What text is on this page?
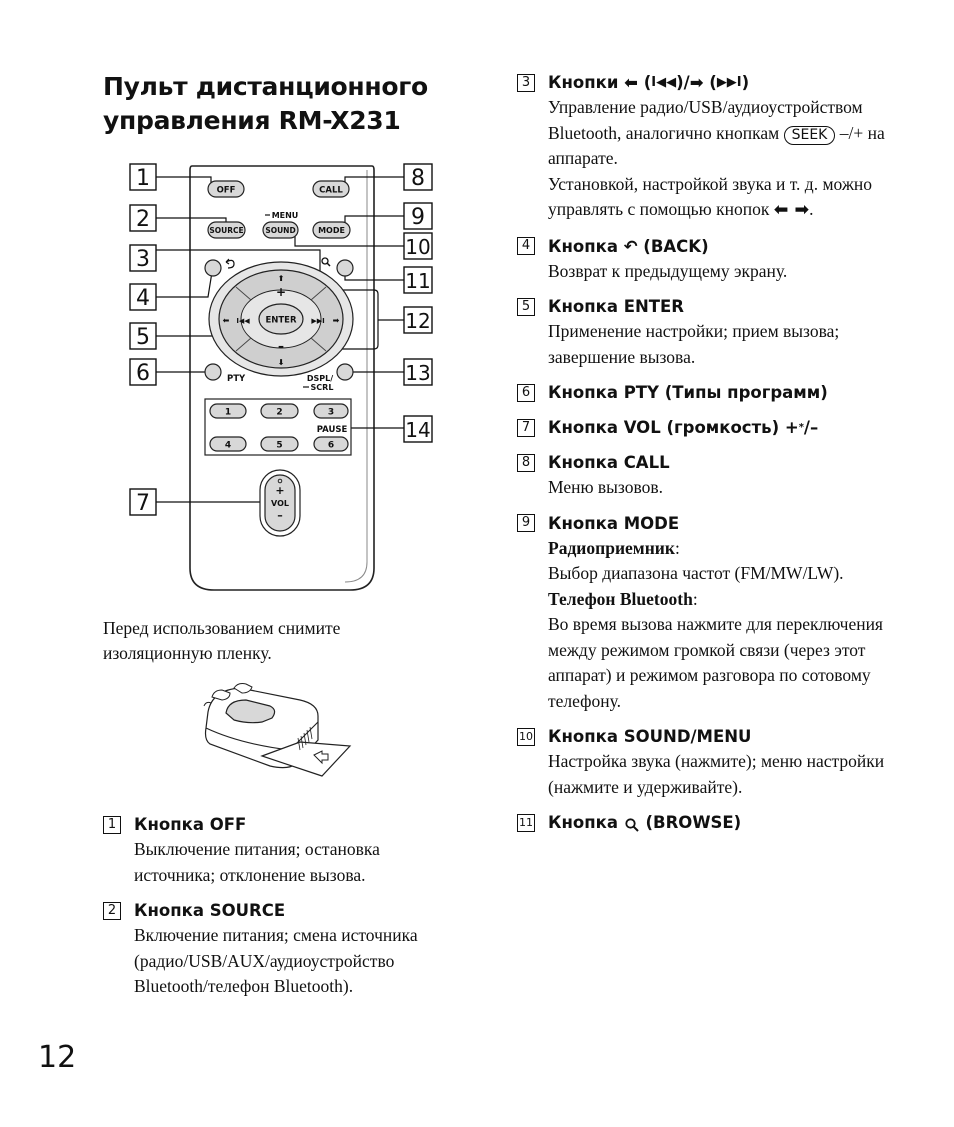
Пульт дистанционного
управления RM-X231
1
2
3
4
5
6
7
8
9
10
11
12
13
14
OFF	CALL
SOURCE	SOUND	MODE
MENU
ENTER
⬆
+
–
⬇
⬅	➡
I◀◀	▶▶I
PTY	DSPL/
SCRL
1	2	3
4	5	6
PAUSE
+
VOL
–
Перед использованием снимите изоляционную пленку.
1 Кнопка OFF
Выключение питания; остановка источника; отклонение вызова.
2 Кнопка SOURCE
Включение питания; смена источника (радио/USB/AUX/аудиоустройство Bluetooth/телефон Bluetooth).
3 Кнопки
⬅
( I◀◀ )/ ➡
( ▶▶I )

Управление радио/USB/аудиоустройством Bluetooth, аналогично кнопкам SEEK –/+ на аппарате.

Установкой, настройкой звука и т. д. можно управлять с помощью кнопок ⬅ ➡.

4 Кнопка
↶
(BACK)
Возврат к предыдущему экрану.
5 Кнопка ENTER
Применение настройки; прием вызова; завершение вызова.
6 Кнопка PTY (Типы программ)
7 Кнопка VOL (громкость) + * /–
8 Кнопка CALL
Меню вызовов.
9 Кнопка MODE

Радиоприемник:

Выбор диапазона частот (FM/MW/LW).

Телефон Bluetooth:

Во время вызова нажмите для переключения между режимом громкой связи (через этот аппарат) и режимом разговора по сотовому телефону.

10 Кнопка SOUND/MENU
Настройка звука (нажмите); меню настройки (нажмите и удерживайте).
11 Кнопка

(BROWSE)
12
